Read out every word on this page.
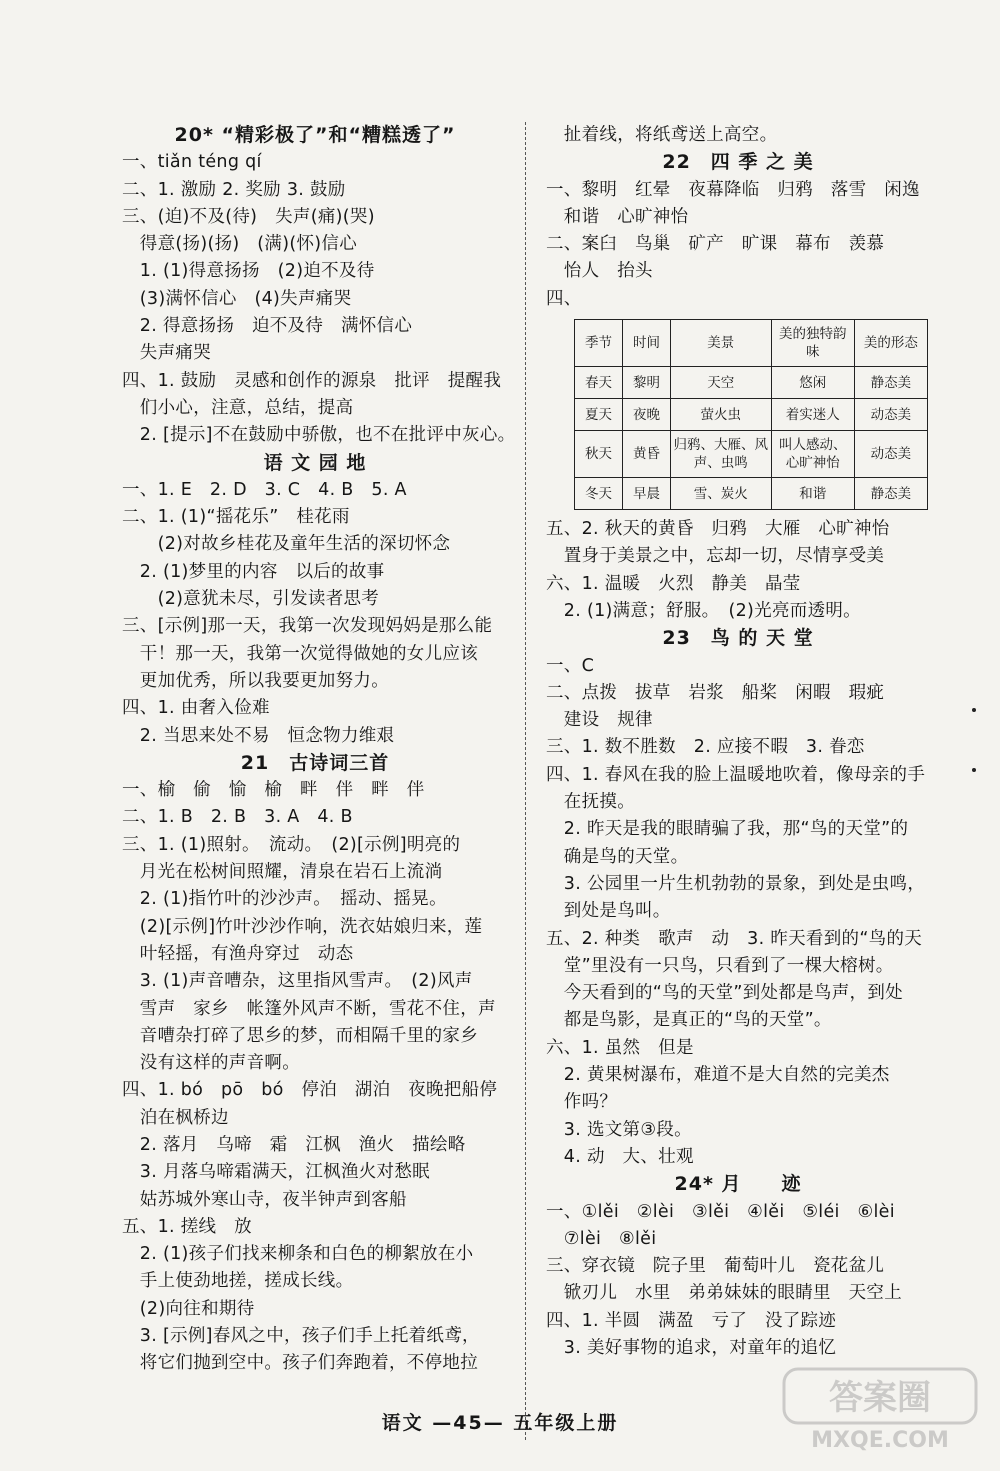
20* “精彩极了”和“糟糕透了”
一、tiǎn téng qí
二、1. 激励 2. 奖励 3. 鼓励
三、(迫)不及(待)　失声(痛)(哭)
　得意(扬)(扬)　(满)(怀)信心
　1. (1)得意扬扬　(2)迫不及待
　(3)满怀信心　(4)失声痛哭
　2. 得意扬扬　迫不及待　满怀信心
　失声痛哭
四、1. 鼓励　灵感和创作的源泉　批评　提醒我
　们小心，注意，总结，提高
　2. [提示]不在鼓励中骄傲，也不在批评中灰心。
语 文 园 地
一、1. E　2. D　3. C　4. B　5. A
二、1. (1)“摇花乐”　桂花雨
　　(2)对故乡桂花及童年生活的深切怀念
　2. (1)梦里的内容　以后的故事
　　(2)意犹未尽，引发读者思考
三、[示例]那一天，我第一次发现妈妈是那么能
　干！那一天，我第一次觉得做她的女儿应该
　更加优秀，所以我要更加努力。
四、1. 由奢入俭难
　2. 当思来处不易　恒念物力维艰
21　古诗词三首
一、榆　偷　愉　榆　畔　伴　畔　伴
二、1. B　2. B　3. A　4. B
三、1. (1)照射。　流动。　(2)[示例]明亮的
　月光在松树间照耀，清泉在岩石上流淌
　2. (1)指竹叶的沙沙声。　摇动、摇晃。
　(2)[示例]竹叶沙沙作响，洗衣姑娘归来，莲
　叶轻摇，有渔舟穿过　动态
　3. (1)声音嘈杂，这里指风雪声。　(2)风声
　雪声　家乡　帐篷外风声不断，雪花不住，声
　音嘈杂打碎了思乡的梦，而相隔千里的家乡
　没有这样的声音啊。
四、1. bó　pō　bó　停泊　湖泊　夜晚把船停
　泊在枫桥边
　2. 落月　乌啼　霜　江枫　渔火　描绘略
　3. 月落乌啼霜满天，江枫渔火对愁眠
　姑苏城外寒山寺，夜半钟声到客船
五、1. 搓线　放
　2. (1)孩子们找来柳条和白色的柳絮放在小
　手上使劲地搓，搓成长线。
　(2)向往和期待
　3. [示例]春风之中，孩子们手上托着纸鸢，
　将它们抛到空中。孩子们奔跑着，不停地拉
　扯着线，将纸鸢送上高空。
22　四 季 之 美
一、黎明　红晕　夜幕降临　归鸦　落雪　闲逸
　和谐　心旷神怡
二、案臼　鸟巢　矿产　旷课　幕布　羡慕
　怡人　抬头
四、
季节	时间	美景	美的独特韵味	美的形态
春天	黎明	天空	悠闲	静态美
夏天	夜晚	萤火虫	着实迷人	动态美
秋天	黄昏	归鸦、大雁、风声、虫鸣	叫人感动、心旷神怡	动态美
冬天	早晨	雪、炭火	和谐	静态美
五、2. 秋天的黄昏　归鸦　大雁　心旷神怡
　置身于美景之中，忘却一切，尽情享受美
六、1. 温暖　火烈　静美　晶莹
　2. (1)满意；舒服。　(2)光亮而透明。
23　鸟 的 天 堂
一、C
二、点拨　拔草　岩浆　船桨　闲暇　瑕疵
　建设　规律
三、1. 数不胜数　2. 应接不暇　3. 眷恋
四、1. 春风在我的脸上温暖地吹着，像母亲的手
　在抚摸。
　2. 昨天是我的眼睛骗了我，那“鸟的天堂”的
　确是鸟的天堂。
　3. 公园里一片生机勃勃的景象，到处是虫鸣，
　到处是鸟叫。
五、2. 种类　歌声　动　3. 昨天看到的“鸟的天
　堂”里没有一只鸟，只看到了一棵大榕树。
　今天看到的“鸟的天堂”到处都是鸟声，到处
　都是鸟影，是真正的“鸟的天堂”。
六、1. 虽然　但是
　2. 黄果树瀑布，难道不是大自然的完美杰
　作吗？
　3. 选文第③段。
　4. 动　大、壮观
24* 月　　迹
一、①lěi　②lèi　③lěi　④lěi　⑤léi　⑥lèi
　⑦lèi　⑧lěi
三、穿衣镜　院子里　葡萄叶儿　瓷花盆儿
　锨刃儿　水里　弟弟妹妹的眼睛里　天空上
四、1. 半圆　满盈　亏了　没了踪迹
　3. 美好事物的追求，对童年的追忆
语文 —45— 五年级上册
答案圈
MXQE.COM
